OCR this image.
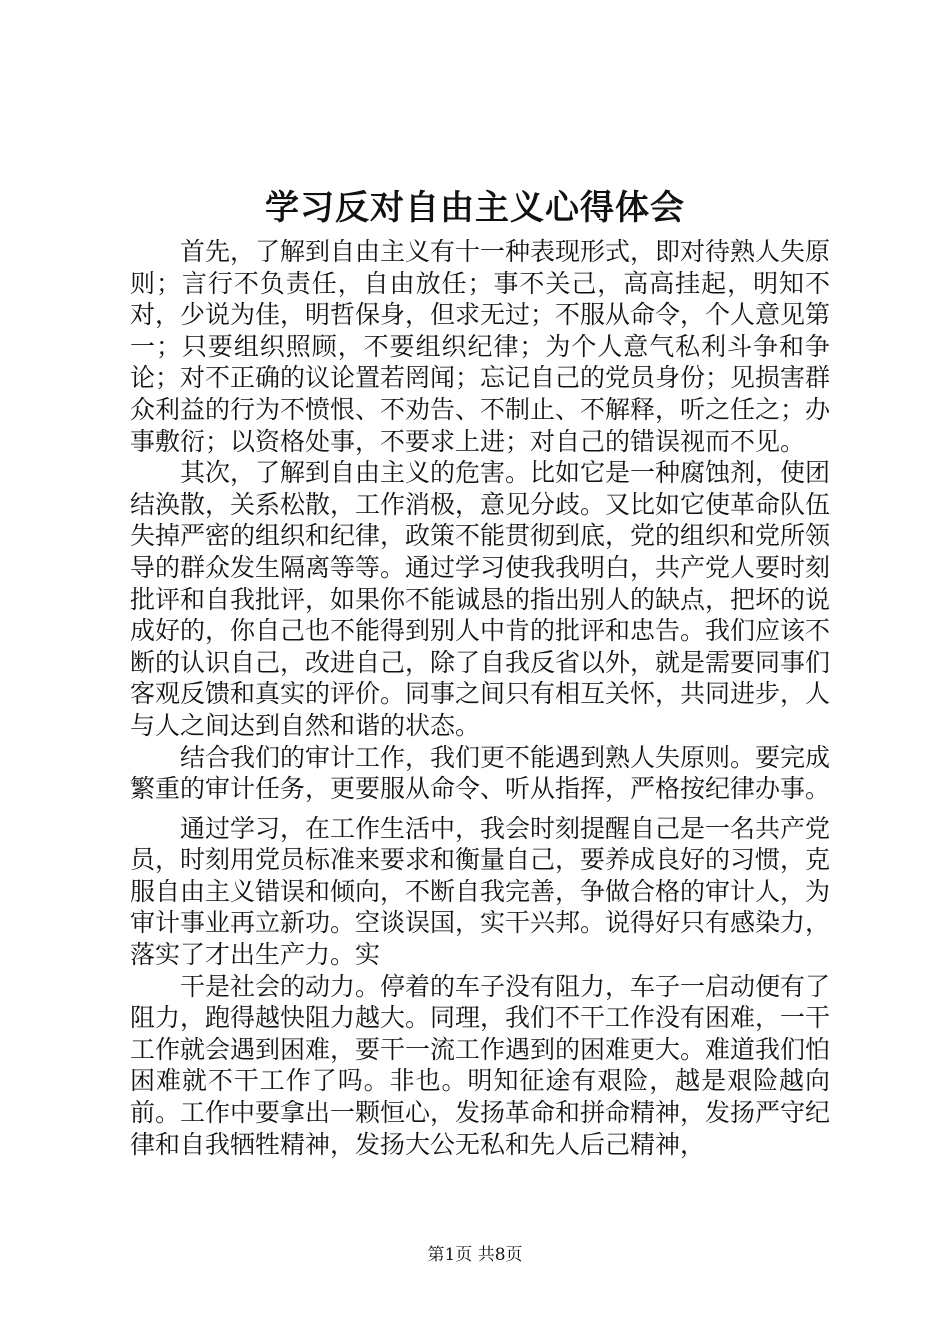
学习反对自由主义心得体会

首先，了解到自由主义有十一种表现形式，即对待熟人失原则；言行不负责任，自由放任；事不关己，高高挂起，明知不对，少说为佳，明哲保身，但求无过；不服从命令，个人意见第一；只要组织照顾，不要组织纪律；为个人意气私利斗争和争论；对不正确的议论置若罔闻；忘记自己的党员身份；见损害群众利益的行为不愤恨、不劝告、不制止、不解释，听之任之；办事敷衍；以资格处事，不要求上进；对自己的错误视而不见。

其次，了解到自由主义的危害。比如它是一种腐蚀剂，使团结涣散，关系松散，工作消极，意见分歧。又比如它使革命队伍失掉严密的组织和纪律，政策不能贯彻到底，党的组织和党所领导的群众发生隔离等等。通过学习使我我明白，共产党人要时刻批评和自我批评，如果你不能诚恳的指出别人的缺点，把坏的说成好的，你自己也不能得到别人中肯的批评和忠告。我们应该不断的认识自己，改进自己，除了自我反省以外，就是需要同事们客观反馈和真实的评价。同事之间只有相互关怀，共同进步，人与人之间达到自然和谐的状态。

结合我们的审计工作，我们更不能遇到熟人失原则。要完成繁重的审计任务，更要服从命令、听从指挥，严格按纪律办事。

通过学习，在工作生活中，我会时刻提醒自己是一名共产党员，时刻用党员标准来要求和衡量自己，要养成良好的习惯，克服自由主义错误和倾向，不断自我完善，争做合格的审计人，为审计事业再立新功。空谈误国，实干兴邦。说得好只有感染力，落实了才出生产力。实

干是社会的动力。停着的车子没有阻力，车子一启动便有了阻力，跑得越快阻力越大。同理，我们不干工作没有困难，一干工作就会遇到困难，要干一流工作遇到的困难更大。难道我们怕困难就不干工作了吗。非也。明知征途有艰险，越是艰险越向前。工作中要拿出一颗恒心，发扬革命和拼命精神，发扬严守纪律和自我牺牲精神，发扬大公无私和先人后己精神，

第1页 共8页
